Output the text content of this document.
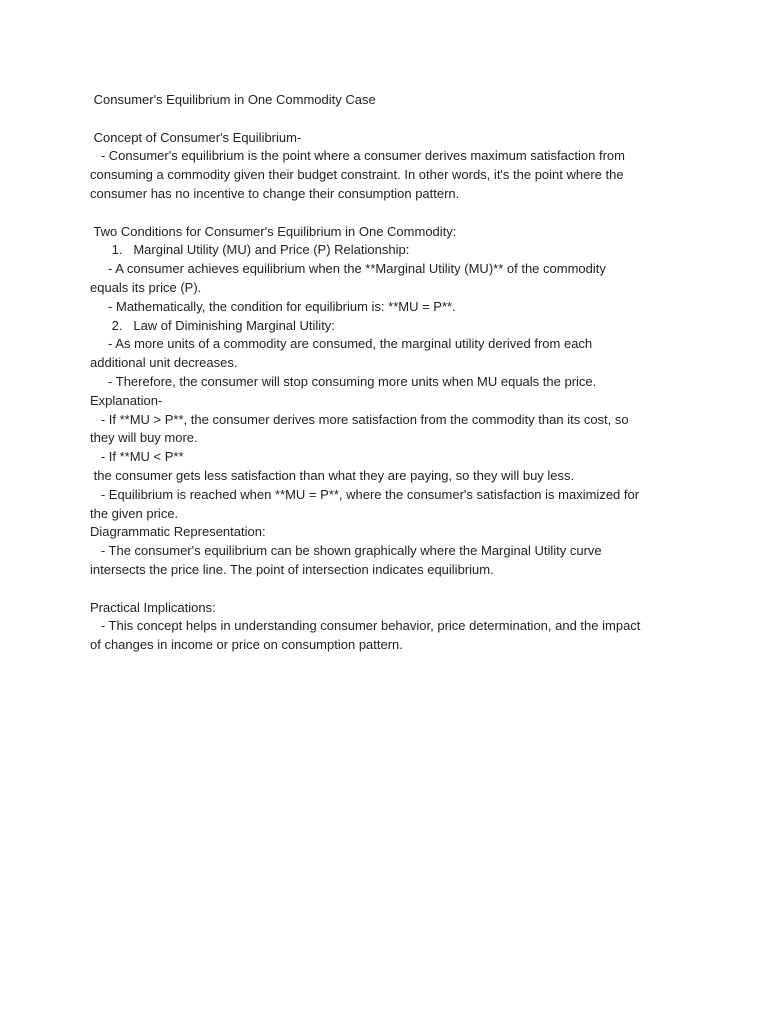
Consumer's Equilibrium in One Commodity Case
Concept of Consumer's Equilibrium-
- Consumer's equilibrium is the point where a consumer derives maximum satisfaction from
consuming a commodity given their budget constraint. In other words, it's the point where the
consumer has no incentive to change their consumption pattern.
Two Conditions for Consumer's Equilibrium in One Commodity:
1.   Marginal Utility (MU) and Price (P) Relationship:
- A consumer achieves equilibrium when the **Marginal Utility (MU)** of the commodity
equals its price (P).
- Mathematically, the condition for equilibrium is: **MU = P**.
2.   Law of Diminishing Marginal Utility:
- As more units of a commodity are consumed, the marginal utility derived from each
additional unit decreases.
- Therefore, the consumer will stop consuming more units when MU equals the price.
Explanation-
- If **MU > P**, the consumer derives more satisfaction from the commodity than its cost, so
they will buy more.
- If **MU < P**
the consumer gets less satisfaction than what they are paying, so they will buy less.
- Equilibrium is reached when **MU = P**, where the consumer's satisfaction is maximized for
the given price.
Diagrammatic Representation:
- The consumer's equilibrium can be shown graphically where the Marginal Utility curve
intersects the price line. The point of intersection indicates equilibrium.
Practical Implications:
- This concept helps in understanding consumer behavior, price determination, and the impact
of changes in income or price on consumption pattern.
